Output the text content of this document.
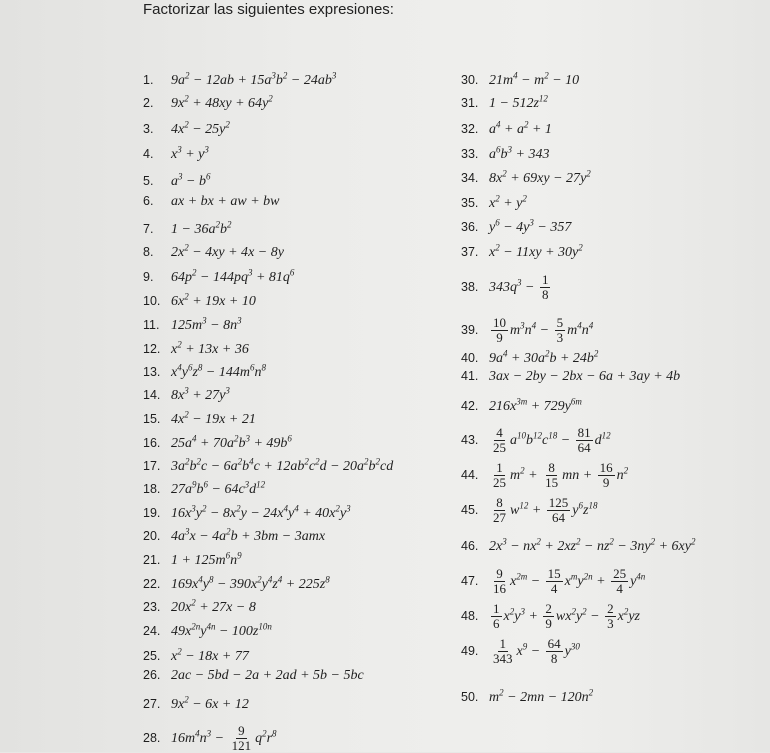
Factorizar las siguientes expresiones:
1. $9a^2 - 12ab + 15a^3b^2 - 24ab^3$
2. $9x^2 + 48xy + 64y^2$
3. $4x^2 - 25y^2$
4. $x^3 + y^3$
5. $a^3 - b^6$
6. ax + bx + aw + bw
7. $1 - 36a^2b^2$
8. $2x^2 - 4xy + 4x - 8y$
9. $64p^2 - 144pq^3 + 81q^6$
10. $6x^2 + 19x + 10$
11. $125m^3 - 8n^3$
12. $x^2 + 13x + 36$
13. $x^4y^6z^8 - 144m^6n^8$
14. $8x^3 + 27y^3$
15. $4x^2 - 19x + 21$
16. $25a^4 + 70a^2b^3 + 49b^6$
17. $3a^2b^2c - 6a^2b^4c + 12ab^2c^2d - 20a^2b^2cd$
18. $27a^9b^6 - 64c^3d^{12}$
19. $16x^3y^2 - 8x^2y - 24x^4y^4 + 40x^2y^3$
20. $4a^3x - 4a^2b + 3bm - 3amx$
21. $1 + 125m^6n^9$
22. $169x^4y^8 - 390x^2y^4z^4 + 225z^8$
23. $20x^2 + 27x - 8$
24. $49x^{2n}y^{4n} - 100z^{10n}$
25. $x^2 - 18x + 77$
26. 2ac − 5bd − 2a + 2ad + 5b − 5bc
27. $9x^2 - 6x + 12$
28. $16m^4n^3 - \frac{9}{121} q^2r^8$
30. $21m^4 - m^2 - 10$
31. $1 - 512z^{12}$
32. $a^4 + a^2 + 1$
33. $a^6b^3 + 343$
34. $8x^2 + 69xy - 27y^2$
35. $x^2 + y^2$
36. $y^6 - 4y^3 - 357$
37. $x^2 - 11xy + 30y^2$
38. $343q^3 - \frac{1}{8}$
39. $\frac{10}{9} m^3n^4 - \frac{5}{3} m^4n^4$
40. $9a^4 + 30a^2b + 24b^2$
41. 3ax − 2by − 2bx − 6a + 3ay + 4b
42. $216x^{3m} + 729y^{6m}$
43. $\frac{4}{25} a^{10}b^{12}c^{18} - \frac{81}{64} d^{12}$
44. $\frac{1}{25} m^2 + \frac{8}{15}$ mn + $\frac{16}{9} n^2$
45. $\frac{8}{27} w^{12} + \frac{125}{64} y^6z^{18}$
46. $2x^3 - nx^2 + 2xz^2 - nz^2 - 3ny^2 + 6xy^2$
47. $\frac{9}{16} x^{2m} - \frac{15}{4} x^my^{2n} + \frac{25}{4} y^{4n}$
48. $\frac{1}{6} x^2y^3 + \frac{2}{9} wx^2y^2 - \frac{2}{3} x^2yz$
49. $\frac{1}{343} x^9 - \frac{64}{8} y^{30}$
50. $m^2 - 2mn - 120n^2$
